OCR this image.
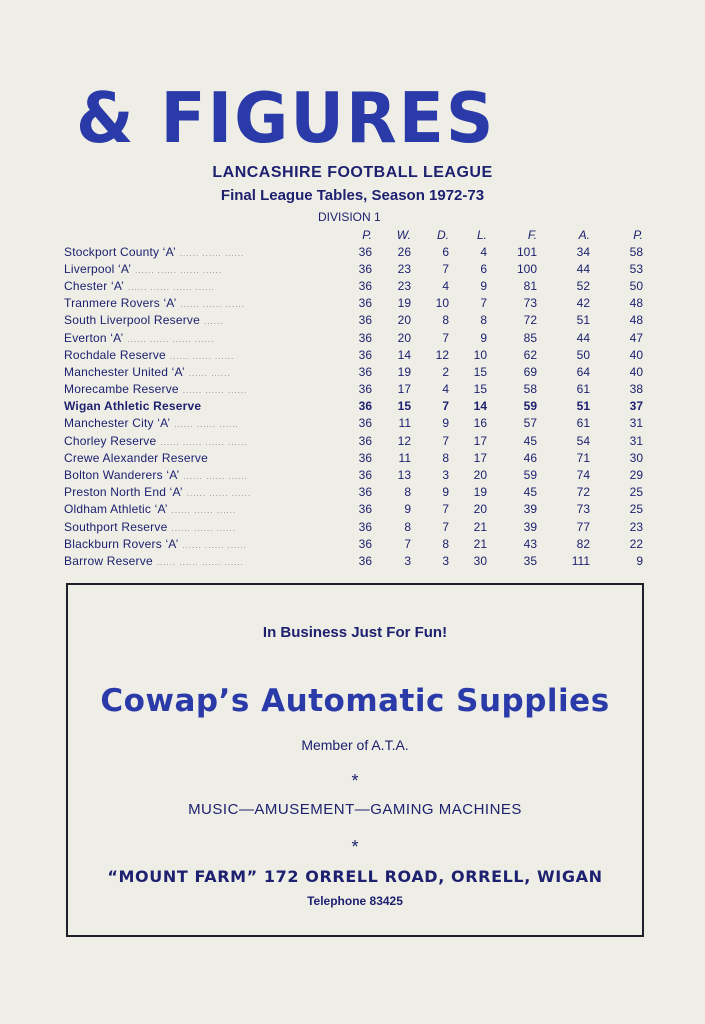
& FIGURES
LANCASHIRE FOOTBALL LEAGUE
Final League Tables, Season 1972-73
DIVISION 1
	P.	W.	D.	L.	F.	A.	P.
Stockport County ‘A’ ...... ...... ......	36	26	6	4	101	34	58
Liverpool ‘A’ ...... ...... ...... ......	36	23	7	6	100	44	53
Chester ‘A’ ...... ...... ...... ......	36	23	4	9	81	52	50
Tranmere Rovers ‘A’ ...... ...... ......	36	19	10	7	73	42	48
South Liverpool Reserve ......	36	20	8	8	72	51	48
Everton ‘A’ ...... ...... ...... ......	36	20	7	9	85	44	47
Rochdale Reserve ...... ...... ......	36	14	12	10	62	50	40
Manchester United ‘A’ ...... ......	36	19	2	15	69	64	40
Morecambe Reserve ...... ...... ......	36	17	4	15	58	61	38
Wigan Athletic Reserve	36	15	7	14	59	51	37
Manchester City ‘A’ ...... ...... ......	36	11	9	16	57	61	31
Chorley Reserve ...... ...... ...... ......	36	12	7	17	45	54	31
Crewe Alexander Reserve	36	11	8	17	46	71	30
Bolton Wanderers ‘A’ ...... ...... ......	36	13	3	20	59	74	29
Preston North End ‘A’ ...... ...... ......	36	8	9	19	45	72	25
Oldham Athletic ‘A’ ...... ...... ......	36	9	7	20	39	73	25
Southport Reserve ...... ...... ......	36	8	7	21	39	77	23
Blackburn Rovers ‘A’ ...... ...... ......	36	7	8	21	43	82	22
Barrow Reserve ...... ...... ...... ......	36	3	3	30	35	111	9
In Business Just For Fun!
Cowap’s Automatic Supplies
Member of A.T.A.
*
MUSIC—AMUSEMENT—GAMING MACHINES
*
“MOUNT FARM” 172 ORRELL ROAD, ORRELL, WIGAN
Telephone 83425
